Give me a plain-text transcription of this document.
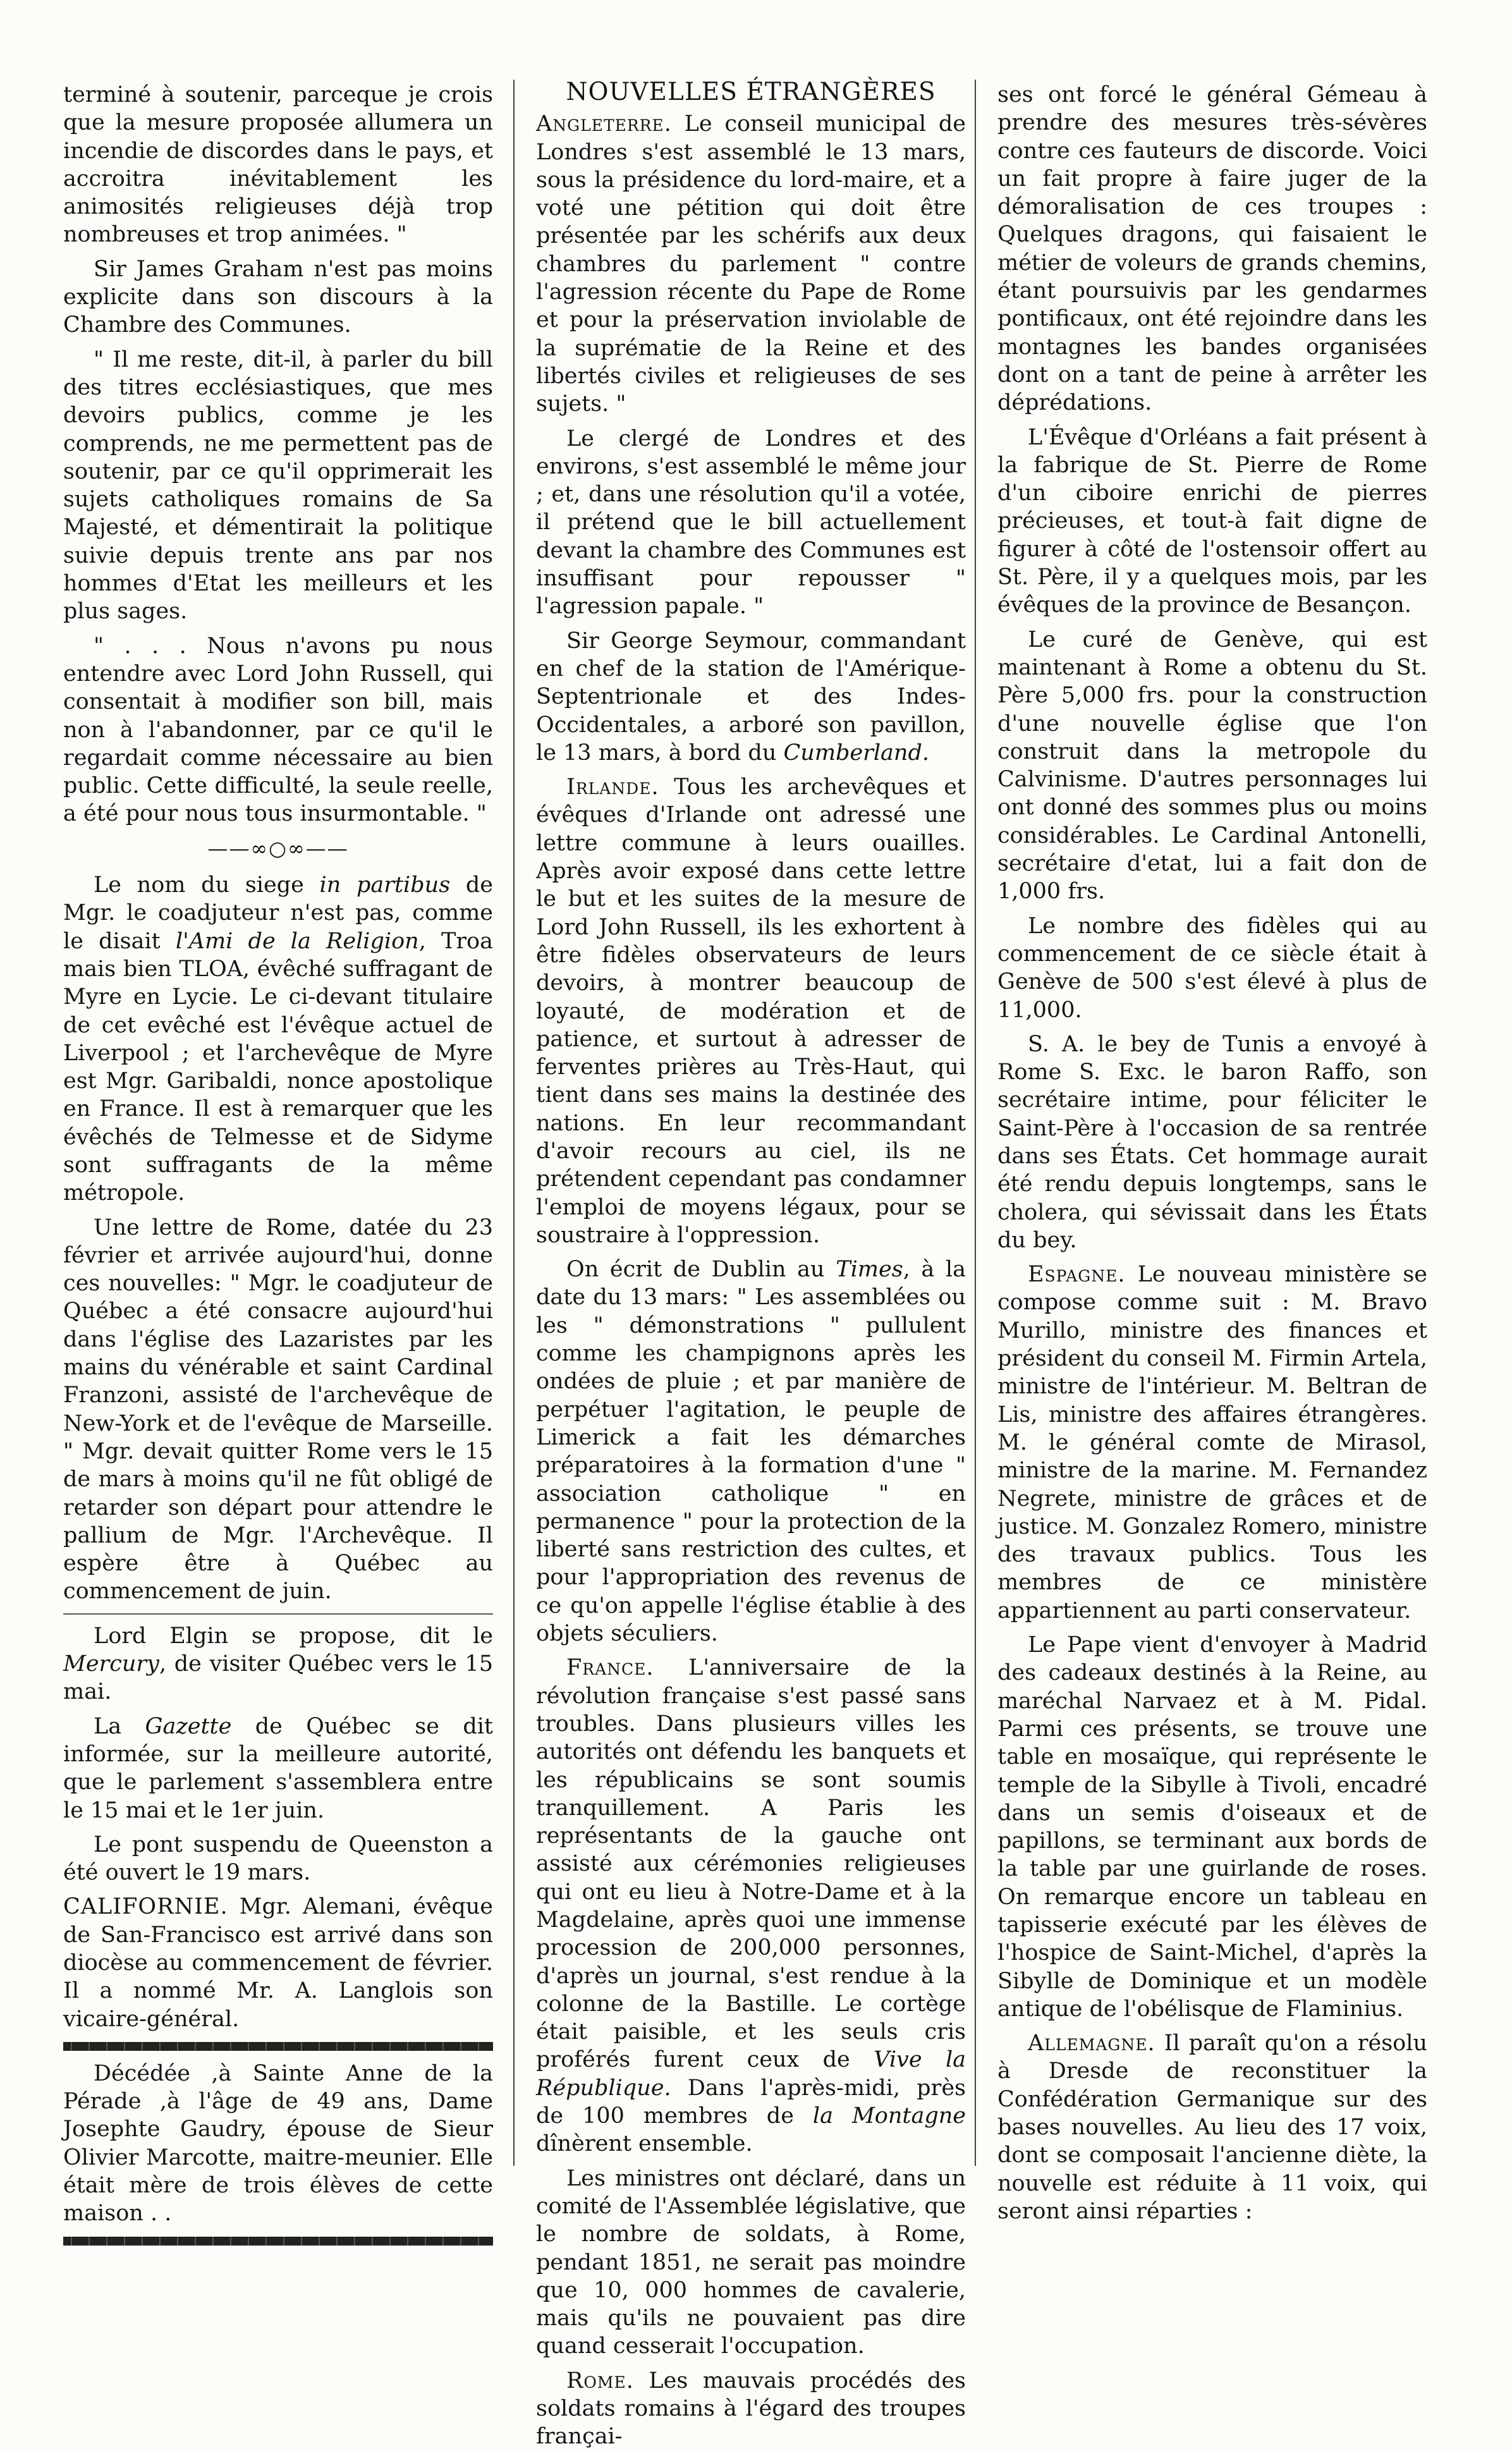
terminé à soutenir, parceque je crois que la mesure proposée allumera un incendie de discordes dans le pays, et accroitra inévitablement les animosités religieuses déjà trop nombreuses et trop animées. "

Sir James Graham n'est pas moins explicite dans son discours à la Chambre des Communes.

" Il me reste, dit-il, à parler du bill des titres ecclésiastiques, que mes devoirs publics, comme je les comprends, ne me permettent pas de soutenir, par ce qu'il opprimerait les sujets catholiques romains de Sa Majesté, et démentirait la politique suivie depuis trente ans par nos hommes d'Etat les meilleurs et les plus sages.

" . . . Nous n'avons pu nous entendre avec Lord John Russell, qui consentait à modifier son bill, mais non à l'abandonner, par ce qu'il le regardait comme nécessaire au bien public. Cette difficulté, la seule reelle, a été pour nous tous insurmontable. "

——∞○∞——

Le nom du siege in partibus de Mgr. le coadjuteur n'est pas, comme le disait l'Ami de la Religion, Troa mais bien TLOA, évêché suffragant de Myre en Lycie. Le ci-devant titulaire de cet evêché est l'évêque actuel de Liverpool ; et l'archevêque de Myre est Mgr. Garibaldi, nonce apostolique en France. Il est à remarquer que les évêchés de Telmesse et de Sidyme sont suffragants de la même métropole.

Une lettre de Rome, datée du 23 février et arrivée aujourd'hui, donne ces nouvelles: " Mgr. le coadjuteur de Québec a été consacre aujourd'hui dans l'église des Lazaristes par les mains du vénérable et saint Cardinal Franzoni, assisté de l'archevêque de New-York et de l'evêque de Marseille. " Mgr. devait quitter Rome vers le 15 de mars à moins qu'il ne fût obligé de retarder son départ pour attendre le pallium de Mgr. l'Archevêque. Il espère être à Québec au commencement de juin.

Lord Elgin se propose, dit le Mercury, de visiter Québec vers le 15 mai.

La Gazette de Québec se dit informée, sur la meilleure autorité, que le parlement s'assemblera entre le 15 mai et le 1er juin.

Le pont suspendu de Queenston a été ouvert le 19 mars.

CALIFORNIE. Mgr. Alemani, évêque de San-Francisco est arrivé dans son diocèse au commencement de février. Il a nommé Mr. A. Langlois son vicaire-général.

Décédée ,à Sainte Anne de la Pérade ,à l'âge de 49 ans, Dame Josephte Gaudry, épouse de Sieur Olivier Marcotte, maitre-meunier. Elle était mère de trois élèves de cette maison . .

NOUVELLES ÉTRANGÈRES

Angleterre. Le conseil municipal de Londres s'est assemblé le 13 mars, sous la présidence du lord-maire, et a voté une pétition qui doit être présentée par les schérifs aux deux chambres du parlement " contre l'agression récente du Pape de Rome et pour la préservation inviolable de la suprématie de la Reine et des libertés civiles et religieuses de ses sujets. "

Le clergé de Londres et des environs, s'est assemblé le même jour ; et, dans une résolution qu'il a votée, il prétend que le bill actuellement devant la chambre des Communes est insuffisant pour repousser " l'agression papale. "

Sir George Seymour, commandant en chef de la station de l'Amérique-Septentrionale et des Indes-Occidentales, a arboré son pavillon, le 13 mars, à bord du Cumberland.

Irlande. Tous les archevêques et évêques d'Irlande ont adressé une lettre commune à leurs ouailles. Après avoir exposé dans cette lettre le but et les suites de la mesure de Lord John Russell, ils les exhortent à être fidèles observateurs de leurs devoirs, à montrer beaucoup de loyauté, de modération et de patience, et surtout à adresser de ferventes prières au Très-Haut, qui tient dans ses mains la destinée des nations. En leur recommandant d'avoir recours au ciel, ils ne prétendent cependant pas condamner l'emploi de moyens légaux, pour se soustraire à l'oppression.

On écrit de Dublin au Times, à la date du 13 mars: " Les assemblées ou les " démonstrations " pullulent comme les champignons après les ondées de pluie ; et par manière de perpétuer l'agitation, le peuple de Limerick a fait les démarches préparatoires à la formation d'une " association catholique " en permanence " pour la protection de la liberté sans restriction des cultes, et pour l'appropriation des revenus de ce qu'on appelle l'église établie à des objets séculiers.

France. L'anniversaire de la révolution française s'est passé sans troubles. Dans plusieurs villes les autorités ont défendu les banquets et les républicains se sont soumis tranquillement. A Paris les représentants de la gauche ont assisté aux cérémonies religieuses qui ont eu lieu à Notre-Dame et à la Magdelaine, après quoi une immense procession de 200,000 personnes, d'après un journal, s'est rendue à la colonne de la Bastille. Le cortège était paisible, et les seuls cris proférés furent ceux de Vive la République. Dans l'après-midi, près de 100 membres de la Montagne dînèrent ensemble.

Les ministres ont déclaré, dans un comité de l'Assemblée législative, que le nombre de soldats, à Rome, pendant 1851, ne serait pas moindre que 10, 000 hommes de cavalerie, mais qu'ils ne pouvaient pas dire quand cesserait l'occupation.

Rome. Les mauvais procédés des soldats romains à l'égard des troupes françai-

ses ont forcé le général Gémeau à prendre des mesures très-sévères contre ces fauteurs de discorde. Voici un fait propre à faire juger de la démoralisation de ces troupes : Quelques dragons, qui faisaient le métier de voleurs de grands chemins, étant poursuivis par les gendarmes pontificaux, ont été rejoindre dans les montagnes les bandes organisées dont on a tant de peine à arrêter les déprédations.

L'Évêque d'Orléans a fait présent à la fabrique de St. Pierre de Rome d'un ciboire enrichi de pierres précieuses, et tout-à fait digne de figurer à côté de l'ostensoir offert au St. Père, il y a quelques mois, par les évêques de la province de Besançon.

Le curé de Genève, qui est maintenant à Rome a obtenu du St. Père 5,000 frs. pour la construction d'une nouvelle église que l'on construit dans la metropole du Calvinisme. D'autres personnages lui ont donné des sommes plus ou moins considérables. Le Cardinal Antonelli, secrétaire d'etat, lui a fait don de 1,000 frs.

Le nombre des fidèles qui au commencement de ce siècle était à Genève de 500 s'est élevé à plus de 11,000.

S. A. le bey de Tunis a envoyé à Rome S. Exc. le baron Raffo, son secrétaire intime, pour féliciter le Saint-Père à l'occasion de sa rentrée dans ses États. Cet hommage aurait été rendu depuis longtemps, sans le cholera, qui sévissait dans les États du bey.

Espagne. Le nouveau ministère se compose comme suit : M. Bravo Murillo, ministre des finances et président du conseil M. Firmin Artela, ministre de l'intérieur. M. Beltran de Lis, ministre des affaires étrangères. M. le général comte de Mirasol, ministre de la marine. M. Fernandez Negrete, ministre de grâces et de justice. M. Gonzalez Romero, ministre des travaux publics. Tous les membres de ce ministère appartiennent au parti conservateur.

Le Pape vient d'envoyer à Madrid des cadeaux destinés à la Reine, au maréchal Narvaez et à M. Pidal. Parmi ces présents, se trouve une table en mosaïque, qui représente le temple de la Sibylle à Tivoli, encadré dans un semis d'oiseaux et de papillons, se terminant aux bords de la table par une guirlande de roses. On remarque encore un tableau en tapisserie exécuté par les élèves de l'hospice de Saint-Michel, d'après la Sibylle de Dominique et un modèle antique de l'obélisque de Flaminius.

Allemagne. Il paraît qu'on a résolu à Dresde de reconstituer la Confédération Germanique sur des bases nouvelles. Au lieu des 17 voix, dont se composait l'ancienne diète, la nouvelle est réduite à 11 voix, qui seront ainsi réparties :
